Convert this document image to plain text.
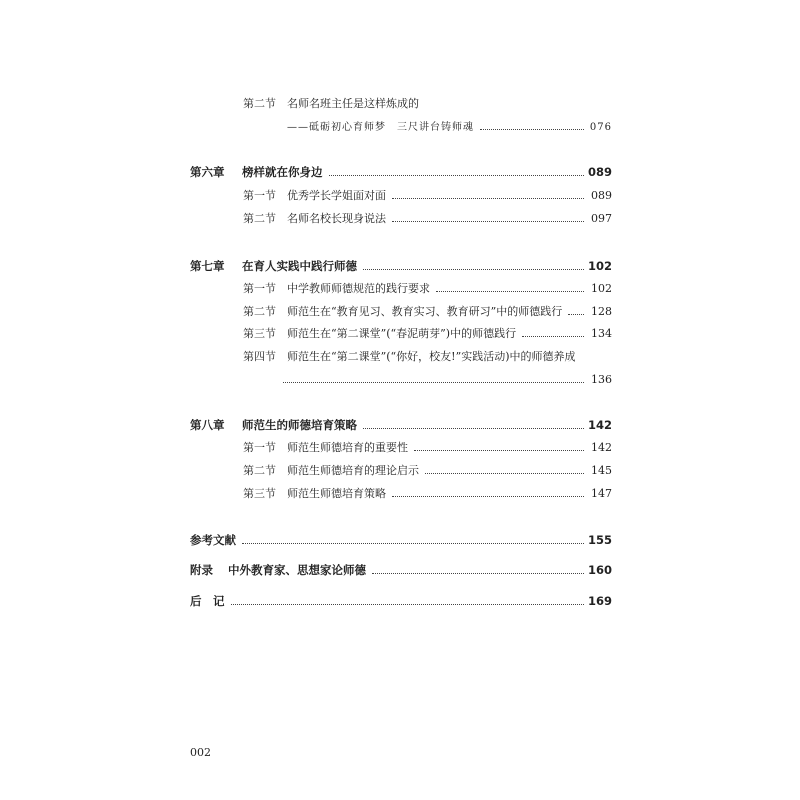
第二节	名师名班主任是这样炼成的
——砥砺初心育师梦　三尺讲台铸师魂	076
第六章	榜样就在你身边	089
第一节	优秀学长学姐面对面	089
第二节	名师名校长现身说法	097
第七章	在育人实践中践行师德	102
第一节	中学教师师德规范的践行要求	102
第二节	师范生在“教育见习、教育实习、教育研习”中的师德践行	128
第三节	师范生在“第二课堂”(“春泥萌芽”)中的师德践行	134
第四节	师范生在“第二课堂”(“你好，校友!”实践活动)中的师德养成
136
第八章	师范生的师德培育策略	142
第一节	师范生师德培育的重要性	142
第二节	师范生师德培育的理论启示	145
第三节	师范生师德培育策略	147
参考文献	155
附录	中外教育家、思想家论师德	160
后　记	169
002
